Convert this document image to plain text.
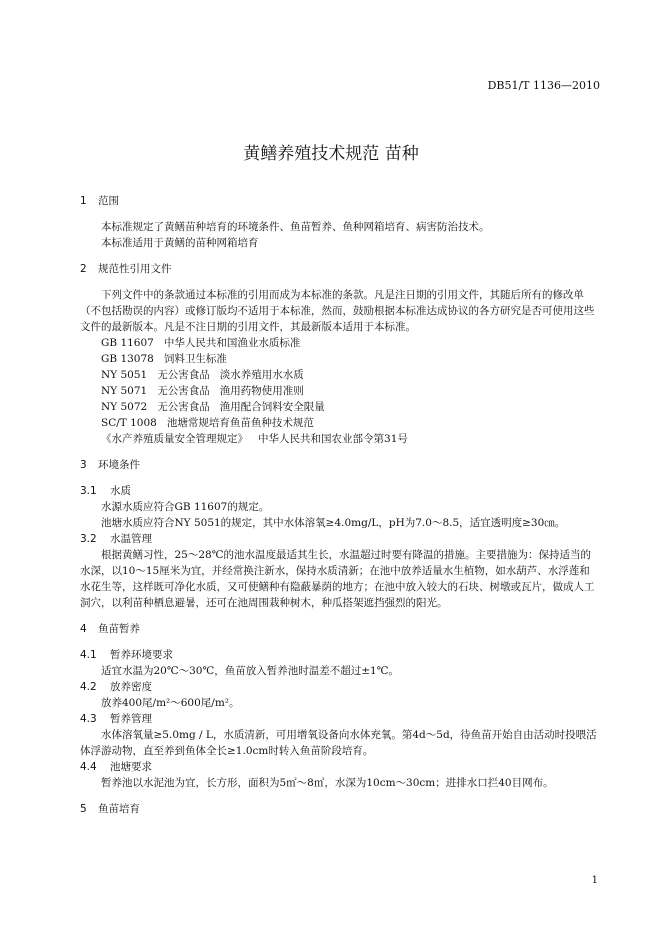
DB51/T 1136—2010
黄鳝养殖技术规范 苗种
1 范围

本标准规定了黄鳝苗种培育的环境条件、鱼苗暂养、鱼种网箱培育、病害防治技术。

本标准适用于黄鳝的苗种网箱培育

2 规范性引用文件

下列文件中的条款通过本标准的引用而成为本标准的条款。凡是注日期的引用文件，其随后所有的修改单（不包括勘误的内容）或修订版均不适用于本标准，然而，鼓励根据本标准达成协议的各方研究是否可使用这些文件的最新版本。凡是不注日期的引用文件，其最新版本适用于本标准。

GB 11607   中华人民共和国渔业水质标准
GB 13078   饲料卫生标准
NY 5051   无公害食品   淡水养殖用水水质
NY 5071   无公害食品   渔用药物使用准则
NY 5072   无公害食品   渔用配合饲料安全限量
SC/T 1008   池塘常规培育鱼苗鱼种技术规范
《水产养殖质量安全管理规定》   中华人民共和国农业部令第31号
3 环境条件
3.1 水质

水源水质应符合GB 11607的规定。

池塘水质应符合NY 5051的规定，其中水体溶氧≥4.0mg/L，pH为7.0～8.5，适宜透明度≥30㎝。

3.2 水温管理

根据黄鳝习性，25～28℃的池水温度最适其生长，水温超过时要有降温的措施。主要措施为：保持适当的水深，以10～15厘米为宜，并经常换注新水，保持水质清新；在池中放养适量水生植物，如水葫芦、水浮莲和水花生等，这样既可净化水质，又可使鳝种有隐蔽暴荫的地方；在池中放入较大的石块、树墩或瓦片，做成人工洞穴，以利苗种栖息避暑，还可在池周围栽种树木，种瓜搭架遮挡强烈的阳光。

4 鱼苗暂养
4.1 暂养环境要求

适宜水温为20℃～30℃，鱼苗放入暂养池时温差不超过±1℃。

4.2 放养密度

放养400尾/m²～600尾/m²。

4.3 暂养管理

水体溶氧量≥5.0mg / L，水质清新，可用增氧设备向水体充氧。第4d～5d，待鱼苗开始自由活动时投喂活体浮游动物，直至养到鱼体全长≥1.0cm时转入鱼苗阶段培育。

4.4 池塘要求

暂养池以水泥池为宜，长方形，面积为5㎡～8㎡，水深为10cm～30cm；进排水口拦40目网布。

5 鱼苗培育
1
